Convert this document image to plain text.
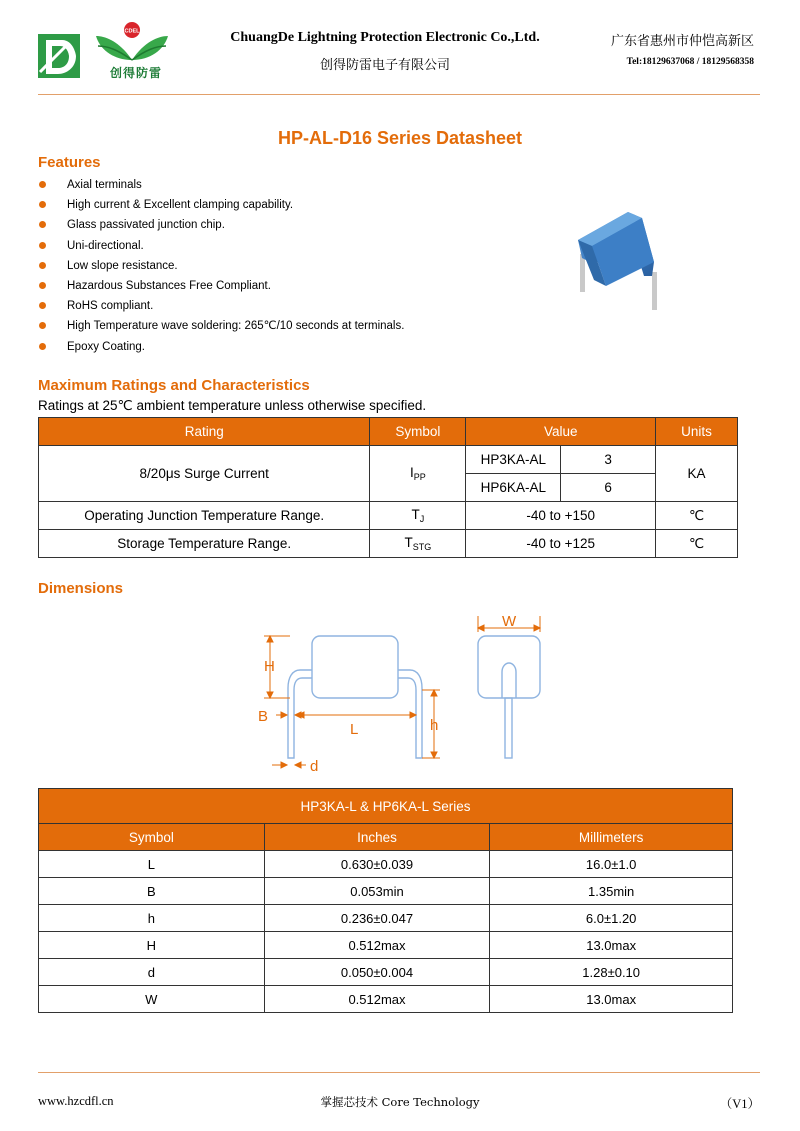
CDEL
创得防雷
ChuangDe Lightning Protection Electronic Co.,Ltd.
创得防雷电子有限公司
广东省惠州市仲恺高新区
Tel:18129637068 / 18129568358
HP-AL-D16 Series Datasheet
Features
Axial terminals
High current & Excellent clamping capability.
Glass passivated junction chip.
Uni-directional.
Low slope resistance.
Hazardous Substances Free Compliant.
RoHS compliant.
High Temperature wave soldering: 265℃/10 seconds at terminals.
Epoxy Coating.
Maximum Ratings and Characteristics
Ratings at 25℃ ambient temperature unless otherwise specified.
Rating	Symbol	Value		Units
8/20μs Surge Current	$I_{PP}$	HP3KA-AL	3	KA
		HP6KA-AL	6	
Operating Junction Temperature Range.	$T_J$	-40 to +150		℃
Storage Temperature Range.	$T_{STG}$	-40 to +125		℃
Dimensions
H
B
L	h
d
W
HP3KA-L & HP6KA-L Series		
Symbol	Inches	Millimeters
L	0.630±0.039	16.0±1.0
B	0.053min	1.35min
h	0.236±0.047	6.0±1.20
H	0.512max	13.0max
d	0.050±0.004	1.28±0.10
W	0.512max	13.0max
www.hzcdfl.cn	掌握芯技术 Core Technology	（V1）
